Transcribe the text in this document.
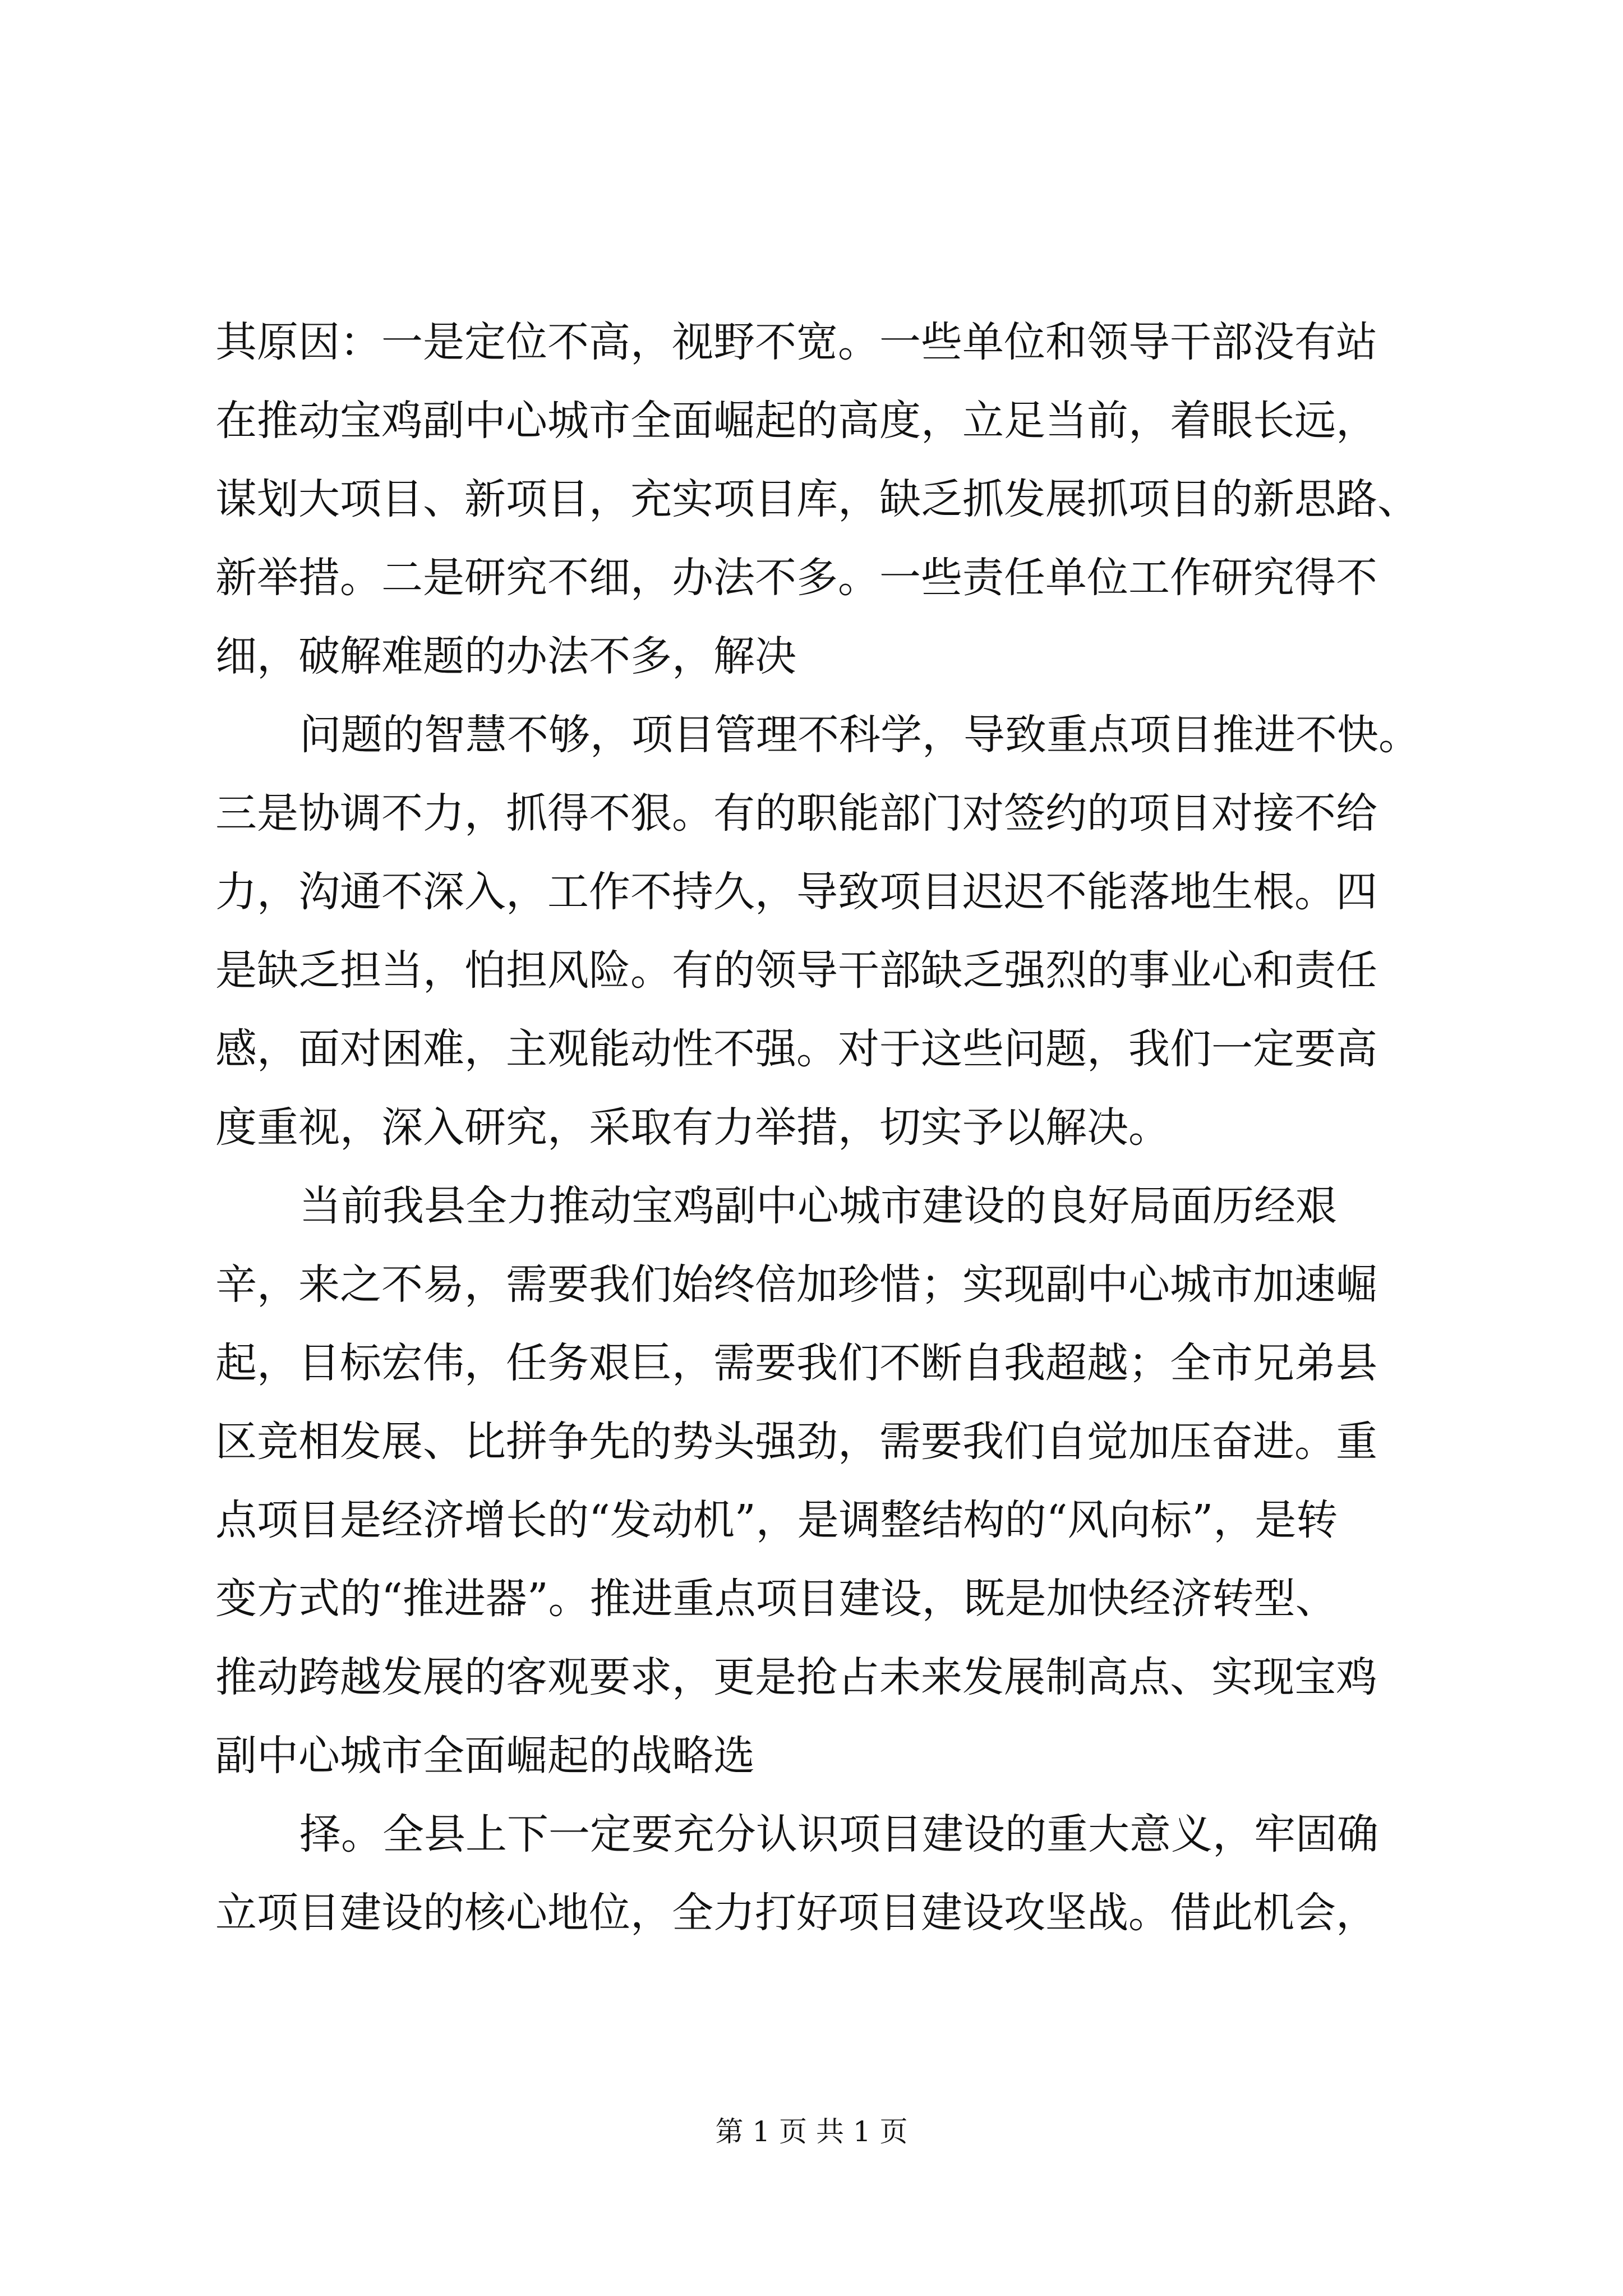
其原因：一是定位不高，视野不宽。一些单位和领导干部没有站
在推动宝鸡副中心城市全面崛起的高度，立足当前，着眼长远，
谋划大项目、新项目，充实项目库，缺乏抓发展抓项目的新思路、
新举措。二是研究不细，办法不多。一些责任单位工作研究得不
细，破解难题的办法不多，解决
问题的智慧不够，项目管理不科学，导致重点项目推进不快。
三是协调不力，抓得不狠。有的职能部门对签约的项目对接不给
力，沟通不深入，工作不持久，导致项目迟迟不能落地生根。四
是缺乏担当，怕担风险。有的领导干部缺乏强烈的事业心和责任
感，面对困难，主观能动性不强。对于这些问题，我们一定要高
度重视，深入研究，采取有力举措，切实予以解决。
当前我县全力推动宝鸡副中心城市建设的良好局面历经艰
辛，来之不易，需要我们始终倍加珍惜；实现副中心城市加速崛
起，目标宏伟，任务艰巨，需要我们不断自我超越；全市兄弟县
区竞相发展、比拼争先的势头强劲，需要我们自觉加压奋进。重
点项目是经济增长的“发动机”，是调整结构的“风向标”，是转
变方式的“推进器”。推进重点项目建设，既是加快经济转型、
推动跨越发展的客观要求，更是抢占未来发展制高点、实现宝鸡
副中心城市全面崛起的战略选
择。全县上下一定要充分认识项目建设的重大意义，牢固确
立项目建设的核心地位，全力打好项目建设攻坚战。借此机会，
第 1 页 共 1 页
